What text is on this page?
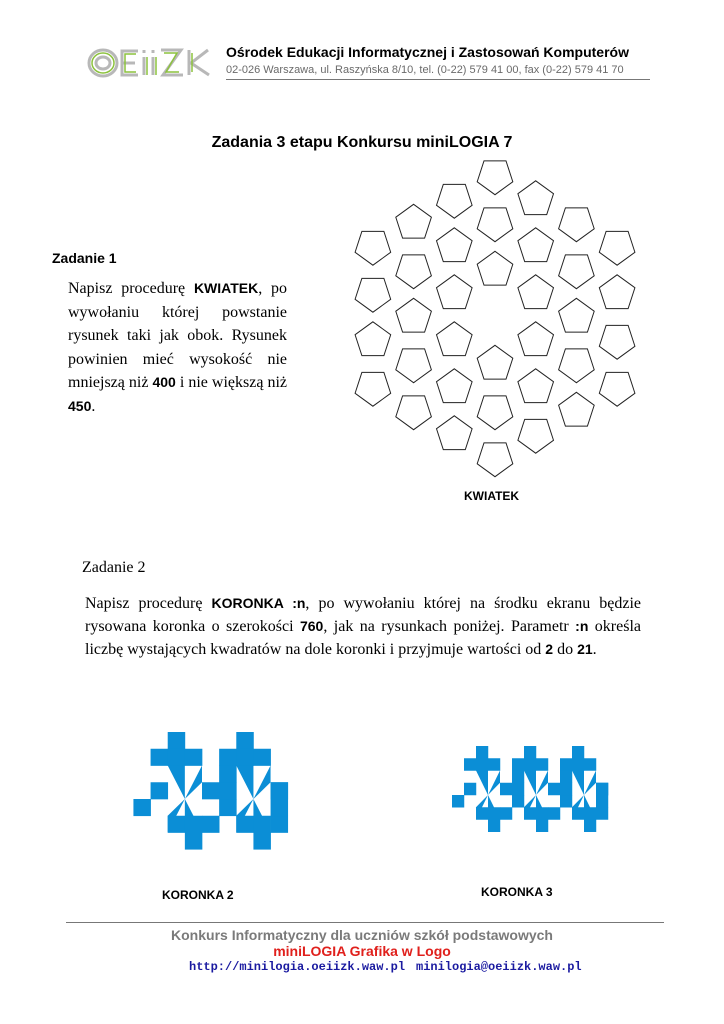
Ośrodek Edukacji Informatycznej i Zastosowań Komputerów
02-026 Warszawa, ul. Raszyńska 8/10, tel. (0-22) 579 41 00, fax (0-22) 579 41 70
Zadania 3 etapu Konkursu miniLOGIA 7
Zadanie 1
Napisz procedurę KWIATEK, po wywołaniu której powstanie rysunek taki jak obok. Rysunek powinien mieć wysokość nie mniejszą niż 400 i nie większą niż 450.
KWIATEK
Zadanie 2
Napisz procedurę KORONKA :n, po wywołaniu której na środku ekranu będzie rysowana koronka o szerokości 760, jak na rysunkach poniżej. Parametr :n określa liczbę wystających kwadratów na dole koronki i przyjmuje wartości od 2 do 21.
KORONKA 2	KORONKA 3
Konkurs Informatyczny dla uczniów szkół podstawowych
miniLOGIA Grafika w Logo
http://minilogia.oeiizk.waw.pl minilogia@oeiizk.waw.pl
